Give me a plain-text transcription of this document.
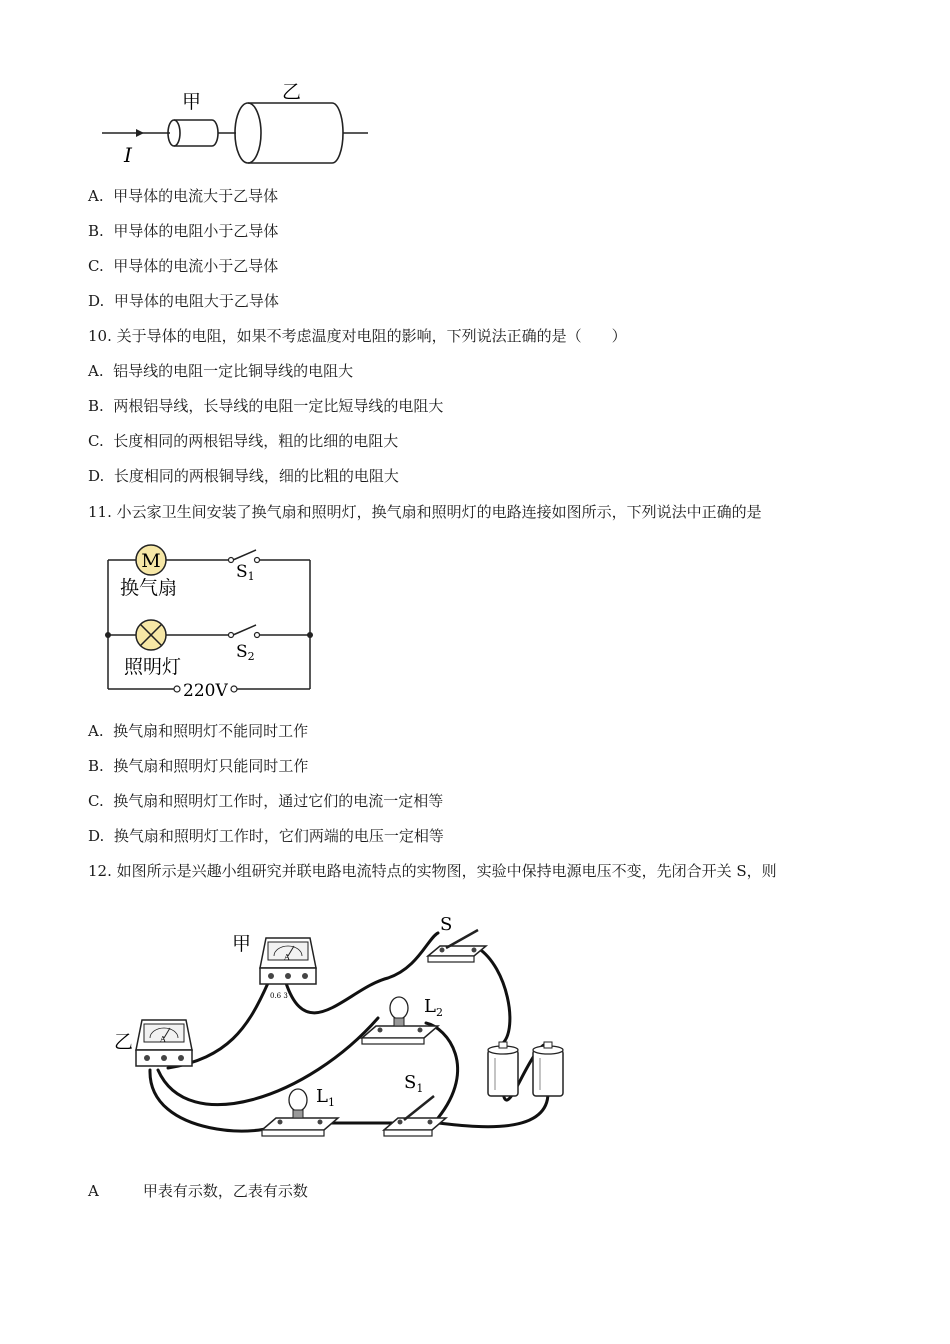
甲	乙
I
A. 甲导体的电流大于乙导体
B. 甲导体的电阻小于乙导体
C. 甲导体的电流小于乙导体
D. 甲导体的电阻大于乙导体
10. 关于导体的电阻，如果不考虑温度对电阻的影响，下列说法正确的是（　　）
A. 铝导线的电阻一定比铜导线的电阻大
B. 两根铝导线，长导线的电阻一定比短导线的电阻大
C. 长度相同的两根铝导线，粗的比细的电阻大
D. 长度相同的两根铜导线，细的比粗的电阻大
11. 小云家卫生间安装了换气扇和照明灯，换气扇和照明灯的电路连接如图所示，下列说法中正确的是
M
换气扇
照明灯
S1
S2
220V
A. 换气扇和照明灯不能同时工作
B. 换气扇和照明灯只能同时工作
C. 换气扇和照明灯工作时，通过它们的电流一定相等
D. 换气扇和照明灯工作时，它们两端的电压一定相等
12. 如图所示是兴趣小组研究并联电路电流特点的实物图，实验中保持电源电压不变，先闭合开关 S，则
A
0.6 3
甲
A
乙
S
$L_2$
$L_1$
$S_1$
A	甲表有示数，乙表有示数
